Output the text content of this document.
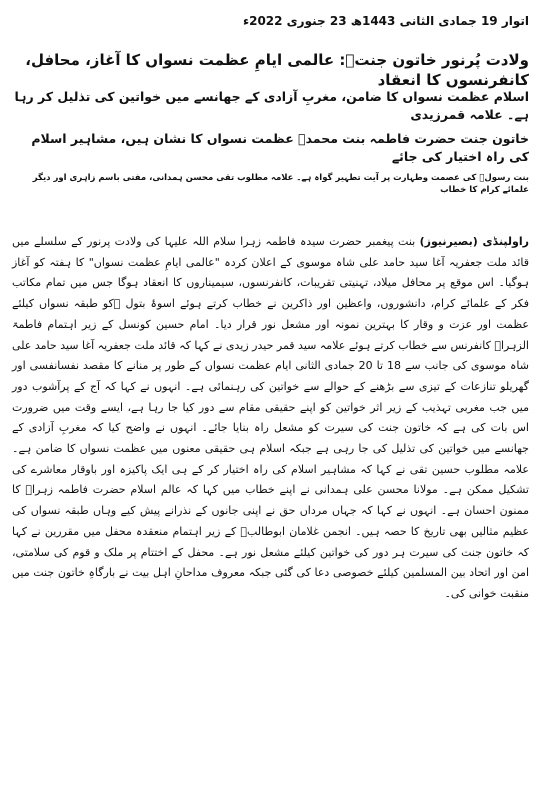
اتوار 19 جمادی الثانی 1443ھ 23 جنوری 2022ء
ولادت پُرنور خاتون جنتؑ: عالمی ایامِ عظمت نسواں کا آغاز، محافل، کانفرنسوں کا انعقاد
اسلام عظمت نسواں کا ضامن، مغربِ آزادی کے جھانسے میں خواتین کی تذلیل کر رہا ہے۔ علامہ قمرزیدی
خاتون جنت حضرت فاطمہ بنت محمدؐ عظمت نسواں کا نشان ہیں، مشاہیر اسلام کی راہ اختیار کی جائے
بنت رسولؐ کی عصمت وطہارت پر آیت تطہیر گواہ ہے۔ علامہ مطلوب تقی محسن ہمدانی، مفتی باسم زاہری اور دیگر علمائے کرام کا خطاب

راولپنڈی (بصیرنیوز) بنت پیغمبر حضرت سیدہ فاطمہ زہرا سلام اللہ علیہا کی ولادت پرنور کے سلسلے میں قائد ملت جعفریہ آغا سید حامد علی شاہ موسوی کے اعلان کردہ "عالمی ایامِ عظمت نسواں" کا ہفتہ کو آغاز ہوگیا۔ اس موقع پر محافل میلاد، تہنیتی تقریبات، کانفرنسوں، سیمیناروں کا انعقاد ہوگا جس میں تمام مکاتب فکر کے علمائے کرام، دانشوروں، واعظین اور ذاکرین نے خطاب کرتے ہوئے اسوۂ بتول ؑکو طبقہ نسواں کیلئے عظمت اور عزت و وقار کا بہترین نمونہ اور مشعل نور قرار دیا۔ امام حسین کونسل کے زیر اہتمام فاطمۃ الزہراؑ کانفرنس سے خطاب کرتے ہوئے علامہ سید قمر حیدر زیدی نے کہا کہ قائد ملت جعفریہ آغا سید حامد علی شاہ موسوی کی جانب سے 18 تا 20 جمادی الثانی ایام عظمت نسواں کے طور پر منانے کا مقصد نفسانفسی اور گھریلو تنازعات کے تیزی سے بڑھنے کے حوالے سے خواتین کی رہنمائی ہے۔ انہوں نے کہا کہ آج کے پرآشوب دور میں جب مغربی تہذیب کے زیر اثر خواتین کو اپنے حقیقی مقام سے دور کیا جا رہا ہے، ایسے وقت میں ضرورت اس بات کی ہے کہ خاتون جنت کی سیرت کو مشعل راہ بنایا جائے۔ انہوں نے واضح کیا کہ مغربِ آزادی کے جھانسے میں خواتین کی تذلیل کی جا رہی ہے جبکہ اسلام ہی حقیقی معنوں میں عظمت نسواں کا ضامن ہے۔ علامہ مطلوب حسین تقی نے کہا کہ مشاہیر اسلام کی راہ اختیار کر کے ہی ایک پاکیزہ اور باوقار معاشرے کی تشکیل ممکن ہے۔ مولانا محسن علی ہمدانی نے اپنے خطاب میں کہا کہ عالم اسلام حضرت فاطمہ زہراؑ کا ممنون احسان ہے۔ انہوں نے کہا کہ جہاں مرداں حق نے اپنی جانوں کے نذرانے پیش کیے وہاں طبقہ نسواں کی عظیم مثالیں بھی تاریخ کا حصہ ہیں۔ انجمن غلامان ابوطالبؑ کے زیر اہتمام منعقدہ محفل میں مقررین نے کہا کہ خاتون جنت کی سیرت ہر دور کی خواتین کیلئے مشعل نور ہے۔ محفل کے اختتام پر ملک و قوم کی سلامتی، امن اور اتحاد بین المسلمین کیلئے خصوصی دعا کی گئی جبکہ معروف مداحانِ اہل بیت نے بارگاہِ خاتون جنت میں منقبت خوانی کی۔
